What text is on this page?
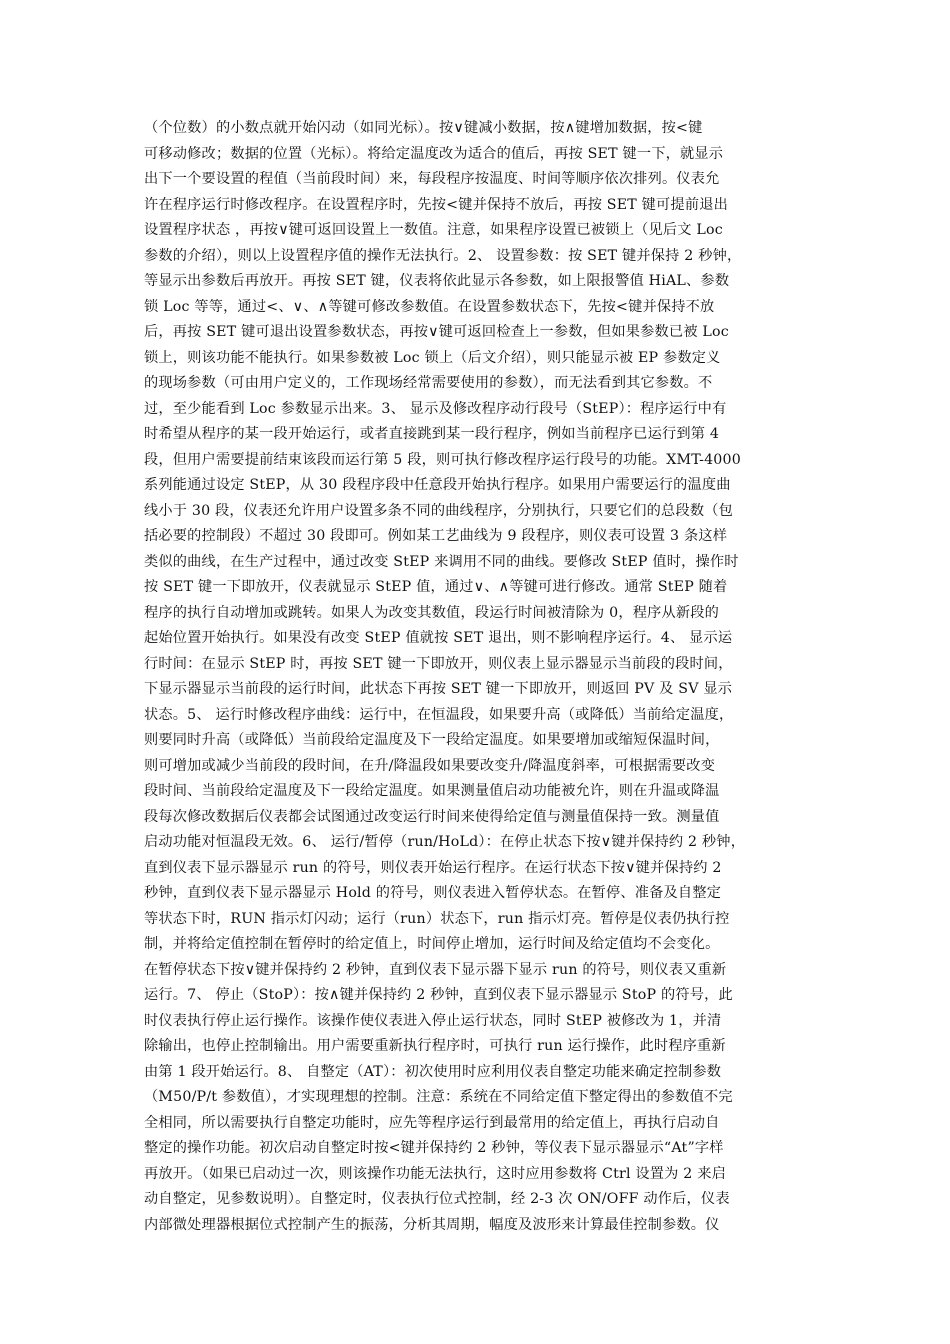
（个位数）的小数点就开始闪动（如同光标）。按∨键减小数据，按∧键增加数据，按<键
可移动修改；数据的位置（光标）。将给定温度改为适合的值后，再按 SET 键一下，就显示
出下一个要设置的程值（当前段时间）来，每段程序按温度、时间等顺序依次排列。仪表允
许在程序运行时修改程序。在设置程序时，先按<键并保持不放后，再按 SET 键可提前退出
设置程序状态 ，再按∨键可返回设置上一数值。注意，如果程序设置已被锁上（见后文 Loc
参数的介绍），则以上设置程序值的操作无法执行。2、 设置参数：按 SET 键并保持 2 秒钟，
等显示出参数后再放开。再按 SET 键，仪表将依此显示各参数，如上限报警值 HiAL、参数
锁 Loc 等等，通过<、∨、∧等键可修改参数值。在设置参数状态下，先按<键并保持不放
后，再按 SET 键可退出设置参数状态，再按∨键可返回检查上一参数，但如果参数已被 Loc
锁上，则该功能不能执行。如果参数被 Loc 锁上（后文介绍），则只能显示被 EP 参数定义
的现场参数（可由用户定义的，工作现场经常需要使用的参数），而无法看到其它参数。不
过，至少能看到 Loc 参数显示出来。3、 显示及修改程序动行段号（StEP）：程序运行中有
时希望从程序的某一段开始运行，或者直接跳到某一段行程序，例如当前程序已运行到第 4
段，但用户需要提前结束该段而运行第 5 段，则可执行修改程序运行段号的功能。XMT-4000
系列能通过设定 StEP，从 30 段程序段中任意段开始执行程序。如果用户需要运行的温度曲
线小于 30 段，仪表还允许用户设置多条不同的曲线程序，分别执行，只要它们的总段数（包
括必要的控制段）不超过 30 段即可。例如某工艺曲线为 9 段程序，则仪表可设置 3 条这样
类似的曲线，在生产过程中，通过改变 StEP 来调用不同的曲线。要修改 StEP 值时，操作时
按 SET 键一下即放开，仪表就显示 StEP 值，通过∨、∧等键可进行修改。通常 StEP 随着
程序的执行自动增加或跳转。如果人为改变其数值，段运行时间被清除为 0，程序从新段的
起始位置开始执行。如果没有改变 StEP 值就按 SET 退出，则不影响程序运行。4、 显示运
行时间：在显示 StEP 时，再按 SET 键一下即放开，则仪表上显示器显示当前段的段时间，
下显示器显示当前段的运行时间，此状态下再按 SET 键一下即放开，则返回 PV 及 SV 显示
状态。5、 运行时修改程序曲线：运行中，在恒温段，如果要升高（或降低）当前给定温度，
则要同时升高（或降低）当前段给定温度及下一段给定温度。如果要增加或缩短保温时间，
则可增加或减少当前段的段时间，在升/降温段如果要改变升/降温度斜率，可根据需要改变
段时间、当前段给定温度及下一段给定温度。如果测量值启动功能被允许，则在升温或降温
段每次修改数据后仪表都会试图通过改变运行时间来使得给定值与测量值保持一致。测量值
启动功能对恒温段无效。6、 运行/暂停（run/HoLd）：在停止状态下按∨键并保持约 2 秒钟，
直到仪表下显示器显示 run 的符号，则仪表开始运行程序。在运行状态下按∨键并保持约 2
秒钟，直到仪表下显示器显示 Hold 的符号，则仪表进入暂停状态。在暂停、准备及自整定
等状态下时，RUN 指示灯闪动；运行（run）状态下，run 指示灯亮。暂停是仪表仍执行控
制，并将给定值控制在暂停时的给定值上，时间停止增加，运行时间及给定值均不会变化。
在暂停状态下按∨键并保持约 2 秒钟，直到仪表下显示器下显示 run 的符号，则仪表又重新
运行。7、 停止（StoP）：按∧键并保持约 2 秒钟，直到仪表下显示器显示 StoP 的符号，此
时仪表执行停止运行操作。该操作使仪表进入停止运行状态，同时 StEP 被修改为 1，并清
除输出，也停止控制输出。用户需要重新执行程序时，可执行 run 运行操作，此时程序重新
由第 1 段开始运行。8、 自整定（AT）：初次使用时应利用仪表自整定功能来确定控制参数
（M50/P/t 参数值），才实现理想的控制。注意：系统在不同给定值下整定得出的参数值不完
全相同，所以需要执行自整定功能时，应先等程序运行到最常用的给定值上，再执行启动自
整定的操作功能。初次启动自整定时按<键并保持约 2 秒钟，等仪表下显示器显示“At”字样
再放开。（如果已启动过一次，则该操作功能无法执行，这时应用参数将 Ctrl 设置为 2 来启
动自整定，见参数说明）。自整定时，仪表执行位式控制，经 2-3 次 ON/OFF 动作后，仪表
内部微处理器根据位式控制产生的振荡，分析其周期，幅度及波形来计算最佳控制参数。仪
